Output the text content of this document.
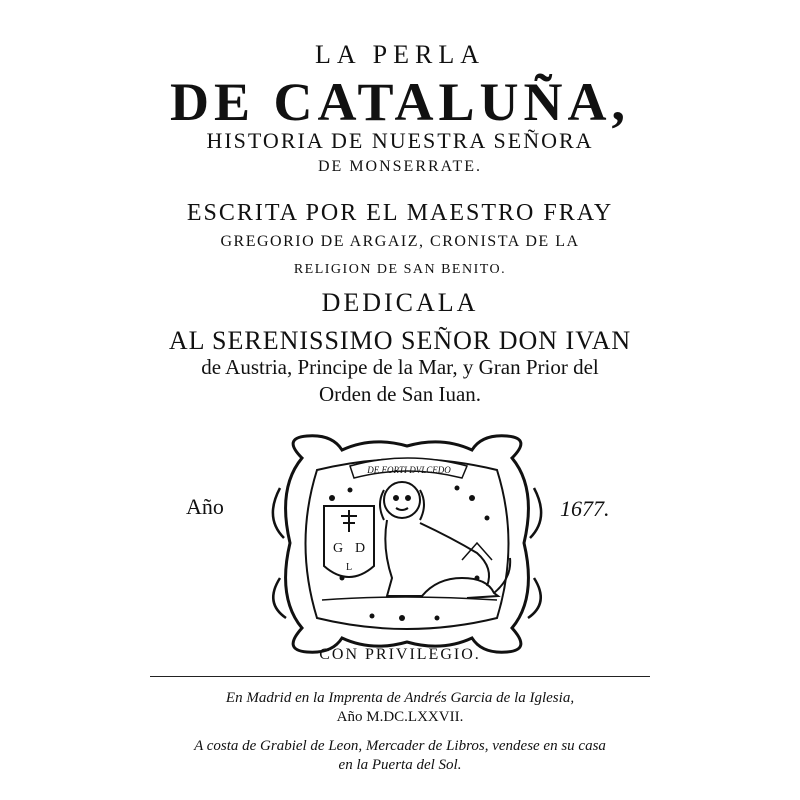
LA PERLA
DE CATALUÑA,
HISTORIA DE NUESTRA SEÑORA
DE MONSERRATE.
ESCRITA POR EL MAESTRO FRAY
GREGORIO DE ARGAIZ, CRONISTA DE LA
RELIGION DE SAN BENITO.
DEDICALA
AL SERENISSIMO SEÑOR DON IVAN
de Austria, Principe de la Mar, y Gran Prior del
Orden de San Iuan.
Año	1677.
DE FORTI DVLCEDO
G D
L
CON PRIVILEGIO.
En Madrid en la Imprenta de Andrés Garcia de la Iglesia,
Año M.DC.LXXVII.
A costa de Grabiel de Leon, Mercader de Libros, vendese en su casa
en la Puerta del Sol.
